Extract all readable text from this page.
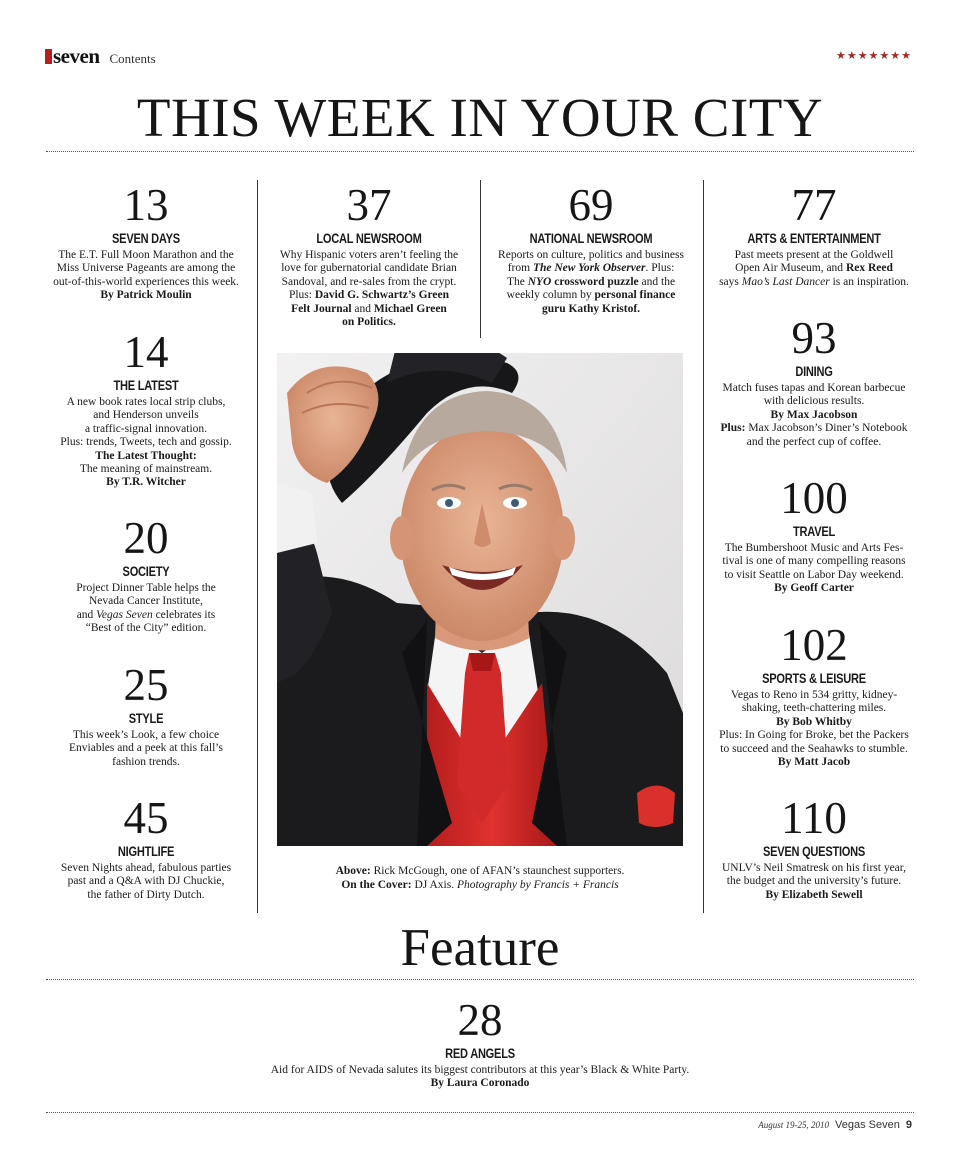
seven Contents	★★★★★★★
THIS WEEK IN YOUR CITY
13
SEVEN DAYS
The E.T. Full Moon Marathon and the
Miss Universe Pageants are among the
out-of-this-world experiences this week.
By Patrick Moulin
14
THE LATEST
A new book rates local strip clubs,
and Henderson unveils
a traffic-signal innovation.
Plus: trends, Tweets, tech and gossip.
The Latest Thought:
The meaning of mainstream.
By T.R. Witcher
20
SOCIETY
Project Dinner Table helps the
Nevada Cancer Institute,
and Vegas Seven celebrates its
“Best of the City” edition.
25
STYLE
This week’s Look, a few choice
Enviables and a peek at this fall’s
fashion trends.
45
NIGHTLIFE
Seven Nights ahead, fabulous parties
past and a Q&A with DJ Chuckie,
the father of Dirty Dutch.
37
LOCAL NEWSROOM
Why Hispanic voters aren’t feeling the
love for gubernatorial candidate Brian
Sandoval, and re-sales from the crypt.
Plus: David G. Schwartz’s Green
Felt Journal and Michael Green
on Politics.
69
NATIONAL NEWSROOM
Reports on culture, politics and business
from The New York Observer. Plus:
The NYO crossword puzzle and the
weekly column by personal finance
guru Kathy Kristof.
Above: Rick McGough, one of AFAN’s staunchest supporters.
On the Cover: DJ Axis. Photography by Francis + Francis
77
ARTS & ENTERTAINMENT
Past meets present at the Goldwell
Open Air Museum, and Rex Reed
says Mao’s Last Dancer is an inspiration.
93
DINING
Match fuses tapas and Korean barbecue
with delicious results.
By Max Jacobson
Plus: Max Jacobson’s Diner’s Notebook
and the perfect cup of coffee.
100
TRAVEL
The Bumbershoot Music and Arts Fes-
tival is one of many compelling reasons
to visit Seattle on Labor Day weekend.
By Geoff Carter
102
SPORTS & LEISURE
Vegas to Reno in 534 gritty, kidney-
shaking, teeth-chattering miles.
By Bob Whitby
Plus: In Going for Broke, bet the Packers
to succeed and the Seahawks to stumble.
By Matt Jacob
110
SEVEN QUESTIONS
UNLV’s Neil Smatresk on his first year,
the budget and the university’s future.
By Elizabeth Sewell
Feature
28
RED ANGELS
Aid for AIDS of Nevada salutes its biggest contributors at this year’s Black & White Party.
By Laura Coronado
August 19-25, 2010 Vegas Seven 9
